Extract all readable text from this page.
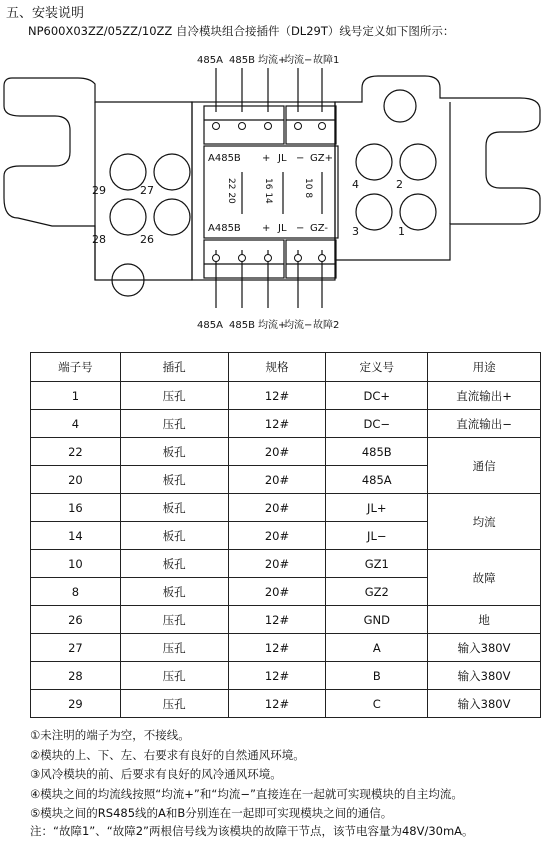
五、安装说明
NP600X03ZZ/05ZZ/10ZZ 自冷模块组合接插件（DL29T）线号定义如下图所示：
485A 485B 均流+
均流− 故障1
485A 485B 均流+
均流− 故障2
29	27
28	26
4	2
3	1
A485B + JL − GZ+
A485B + JL − GZ-
22 20	16 14	10 8
端子号	插孔	规格	定义号	用途
1	压孔	12#	DC+	直流输出+
4	压孔	12#	DC−	直流输出−
22	板孔	20#	485B	通信
20	板孔	20#	485A	
16	板孔	20#	JL+	均流
14	板孔	20#	JL−	
10	板孔	20#	GZ1	故障
8	板孔	20#	GZ2	
26	压孔	12#	GND	地
27	压孔	12#	A	输入380V
28	压孔	12#	B	输入380V
29	压孔	12#	C	输入380V
①未注明的端子为空，不接线。
②模块的上、下、左、右要求有良好的自然通风环境。
③风冷模块的前、后要求有良好的风冷通风环境。
④模块之间的均流线按照“均流+”和“均流−”直接连在一起就可实现模块的自主均流。
⑤模块之间的RS485线的A和B分别连在一起即可实现模块之间的通信。
注：“故障1”、“故障2”两根信号线为该模块的故障干节点，该节电容量为48V/30mA。
